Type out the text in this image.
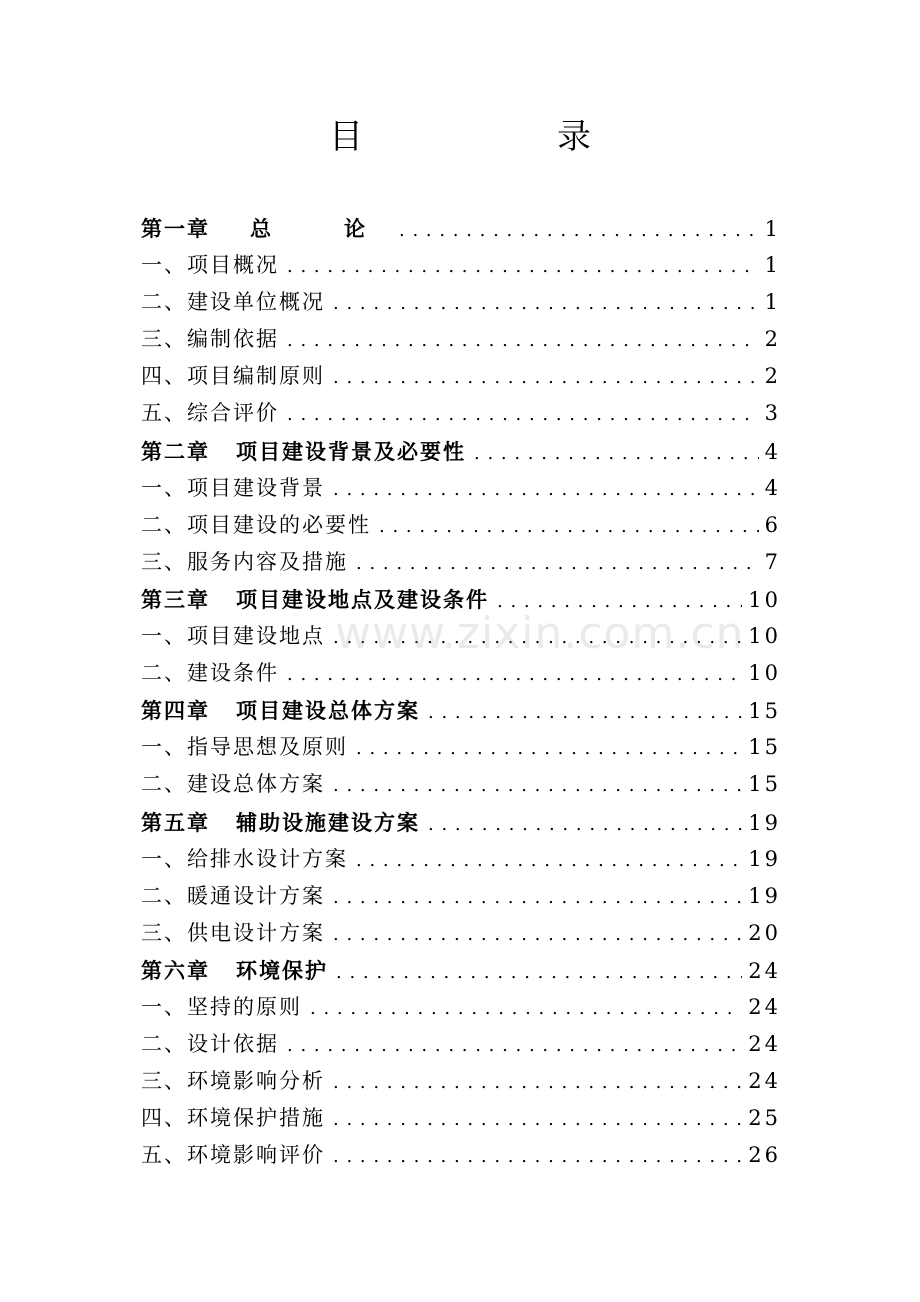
目　录
第一章 总　论 . . .	1
一、项目概况 . . .	1
二、建设单位概况 . . .	1
三、编制依据 . . .	2
四、项目编制原则 . . .	2
五、综合评价 . . .	3
第二章 项目建设背景及必要性 . . .	4
一、项目建设背景 . . .	4
二、项目建设的必要性 . . .	6
三、服务内容及措施 . . .	7
第三章 项目建设地点及建设条件 . . .	10
一、项目建设地点 . . .	10
二、建设条件 . . .	10
第四章 项目建设总体方案 . . .	15
一、指导思想及原则 . . .	15
二、建设总体方案 . . .	15
第五章 辅助设施建设方案 . . .	19
一、给排水设计方案 . . .	19
二、暖通设计方案 . . .	19
三、供电设计方案 . . .	20
第六章 环境保护 . . .	24
一、坚持的原则 . . .	24
二、设计依据 . . .	24
三、环境影响分析 . . .	24
四、环境保护措施 . . .	25
五、环境影响评价 . . .	26
www.zixin.com.cn
